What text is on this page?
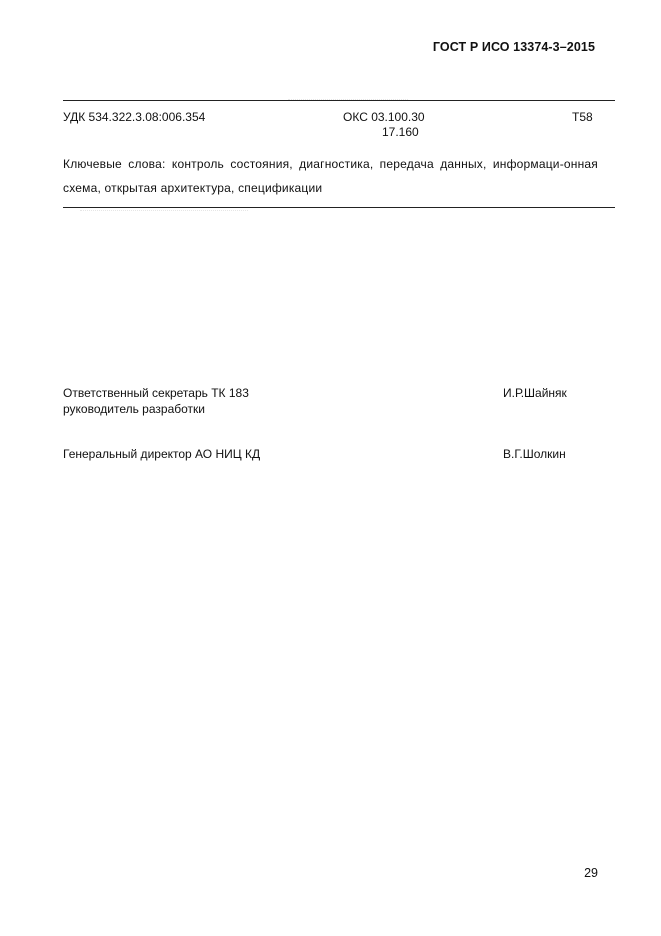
ГОСТ Р ИСО 13374-3–2015
УДК 534.322.3.08:006.354	ОКС 03.100.30
17.160
Т58
Ключевые слова: контроль состояния, диагностика, передача данных, информаци-онная схема, открытая архитектура, спецификации
Ответственный секретарь ТК 183
руководитель разработки
И.Р.Шайняк
Генеральный директор АО НИЦ КД	В.Г.Шолкин
29
